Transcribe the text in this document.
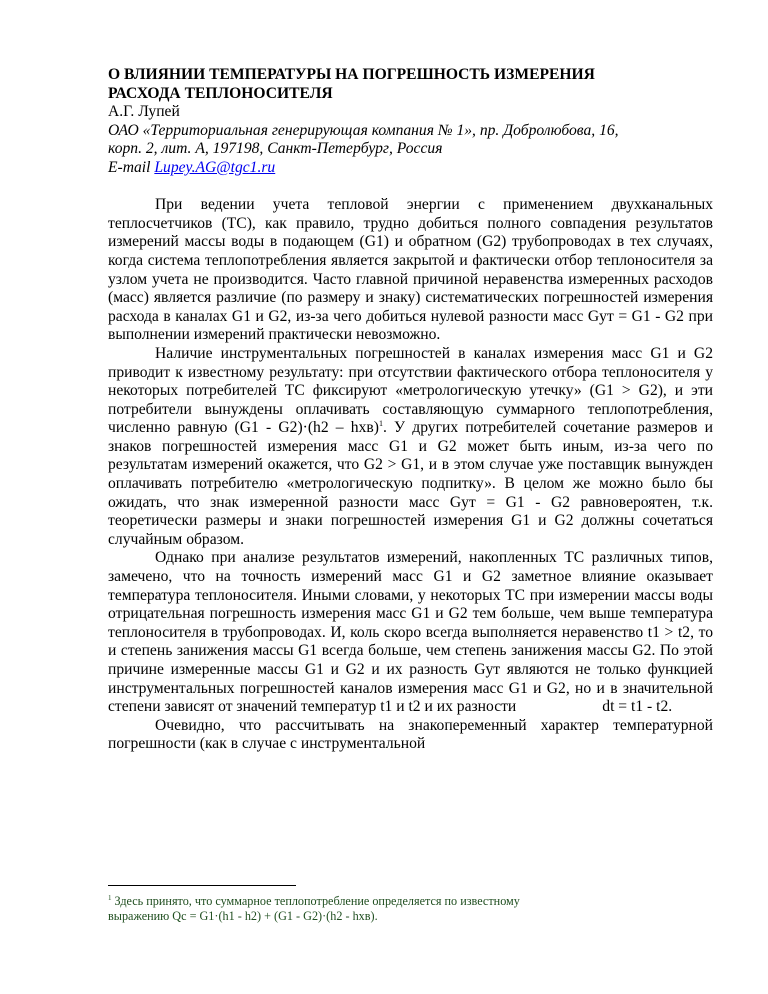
О ВЛИЯНИИ ТЕМПЕРАТУРЫ НА ПОГРЕШНОСТЬ ИЗМЕРЕНИЯ
РАСХОДА ТЕПЛОНОСИТЕЛЯ
А.Г. Лупей
ОАО «Территориальная генерирующая компания № 1», пр. Добролюбова, 16,
корп. 2, лит. А, 197198, Санкт-Петербург, Россия
E-mail Lupey.AG@tgc1.ru

При ведении учета тепловой энергии с применением двухканальных теплосчетчиков (ТС), как правило, трудно добиться полного совпадения результатов измерений массы воды в подающем (G1) и обратном (G2) трубопроводах в тех случаях, когда система теплопотребления является закрытой и фактически отбор теплоносителя за узлом учета не производится. Часто главной причиной неравенства измеренных расходов (масс) является различие (по размеру и знаку) систематических погрешностей измерения расхода в каналах G1 и G2, из-за чего добиться нулевой разности масс Gут = G1 - G2 при выполнении измерений практически невозможно.

Наличие инструментальных погрешностей в каналах измерения масс G1 и G2 приводит к известному результату: при отсутствии фактического отбора теплоносителя у некоторых потребителей ТС фиксируют «метрологическую утечку» (G1 > G2), и эти потребители вынуждены оплачивать составляющую суммарного теплопотребления, численно равную (G1 - G2)·(h2 – hхв)$^1$. У других потребителей сочетание размеров и знаков погрешностей измерения масс G1 и G2 может быть иным, из-за чего по результатам измерений окажется, что G2 > G1, и в этом случае уже поставщик вынужден оплачивать потребителю «метрологическую подпитку». В целом же можно было бы ожидать, что знак измеренной разности масс Gут = G1 - G2 равновероятен, т.к. теоретически размеры и знаки погрешностей измерения G1 и G2 должны сочетаться случайным образом.

Однако при анализе результатов измерений, накопленных ТС различных типов, замечено, что на точность измерений масс G1 и G2 заметное влияние оказывает температура теплоносителя. Иными словами, у некоторых ТС при измерении массы воды отрицательная погрешность измерения масс G1 и G2 тем больше, чем выше температура теплоносителя в трубопроводах. И, коль скоро всегда выполняется неравенство t1 > t2, то и степень занижения массы G1 всегда больше, чем степень занижения массы G2. По этой причине измеренные массы G1 и G2 и их разность Gут являются не только функцией инструментальных погрешностей каналов измерения масс G1 и G2, но и в значительной степени зависят от значений температур t1 и t2 и их разности	dt = t1 - t2.

Очевидно, что рассчитывать на знакопеременный характер температурной погрешности (как в случае с инструментальной

$^1$ Здесь принято, что суммарное теплопотребление определяется по известному
выражению Qс = G1·(h1 - h2) + (G1 - G2)·(h2 - hхв).
